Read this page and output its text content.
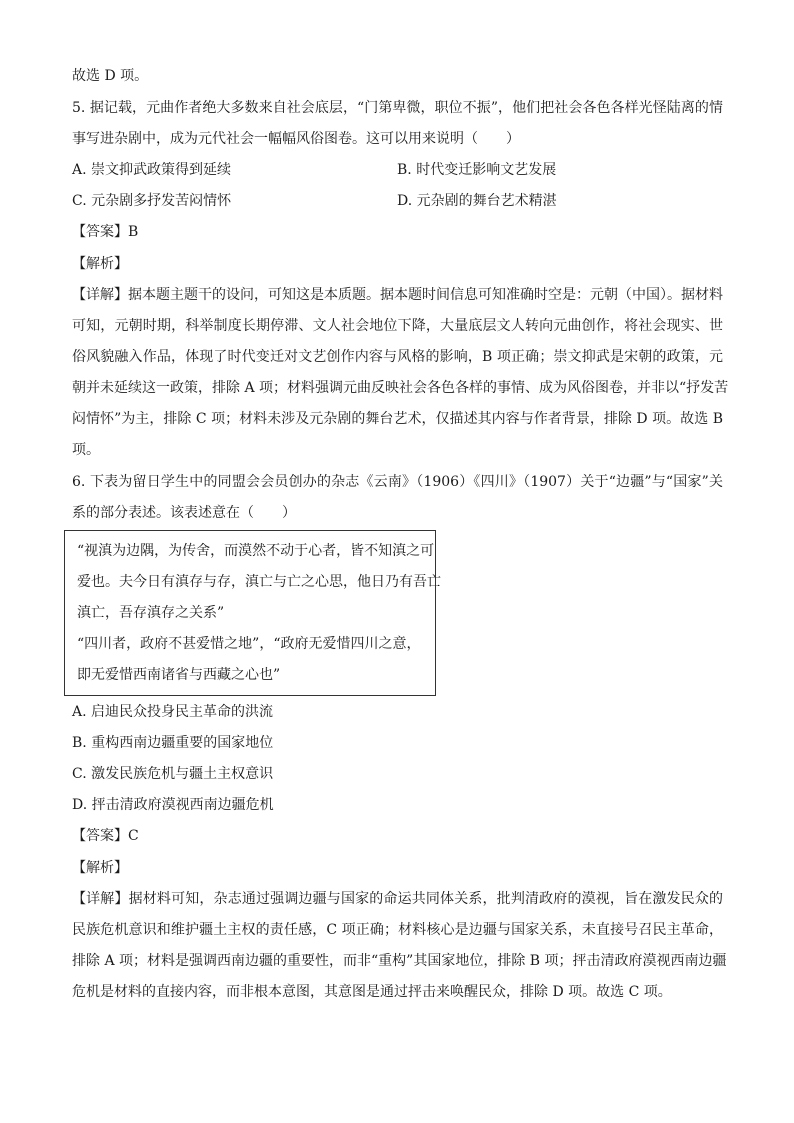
故选 D 项。
5. 据记载，元曲作者绝大多数来自社会底层，“门第卑微，职位不振”，他们把社会各色各样光怪陆离的情
事写进杂剧中，成为元代社会一幅幅风俗图卷。这可以用来说明（　　）
A. 崇文抑武政策得到延续	B. 时代变迁影响文艺发展
C. 元杂剧多抒发苦闷情怀	D. 元杂剧的舞台艺术精湛
【答案】B
【解析】
【详解】据本题主题干的设问，可知这是本质题。据本题时间信息可知准确时空是：元朝（中国）。据材料
可知，元朝时期，科举制度长期停滞、文人社会地位下降，大量底层文人转向元曲创作，将社会现实、世
俗风貌融入作品，体现了时代变迁对文艺创作内容与风格的影响，B 项正确；崇文抑武是宋朝的政策，元
朝并未延续这一政策，排除 A 项；材料强调元曲反映社会各色各样的事情、成为风俗图卷，并非以“抒发苦
闷情怀”为主，排除 C 项；材料未涉及元杂剧的舞台艺术，仅描述其内容与作者背景，排除 D 项。故选 B
项。
6. 下表为留日学生中的同盟会会员创办的杂志《云南》（1906）《四川》（1907）关于“边疆”与“国家”关
系的部分表述。该表述意在（　　）
“视滇为边隅，为传舍，而漠然不动于心者，皆不知滇之可
爱也。夫今日有滇存与存，滇亡与亡之心思，他日乃有吾亡
滇亡，吾存滇存之关系”
“四川者，政府不甚爱惜之地”，“政府无爱惜四川之意，
即无爱惜西南诸省与西藏之心也”
A. 启迪民众投身民主革命的洪流
B. 重构西南边疆重要的国家地位
C. 激发民族危机与疆土主权意识
D. 抨击清政府漠视西南边疆危机
【答案】C
【解析】
【详解】据材料可知，杂志通过强调边疆与国家的命运共同体关系，批判清政府的漠视，旨在激发民众的
民族危机意识和维护疆土主权的责任感，C 项正确；材料核心是边疆与国家关系，未直接号召民主革命，
排除 A 项；材料是强调西南边疆的重要性，而非“重构”其国家地位，排除 B 项；抨击清政府漠视西南边疆
危机是材料的直接内容，而非根本意图，其意图是通过抨击来唤醒民众，排除 D 项。故选 C 项。
